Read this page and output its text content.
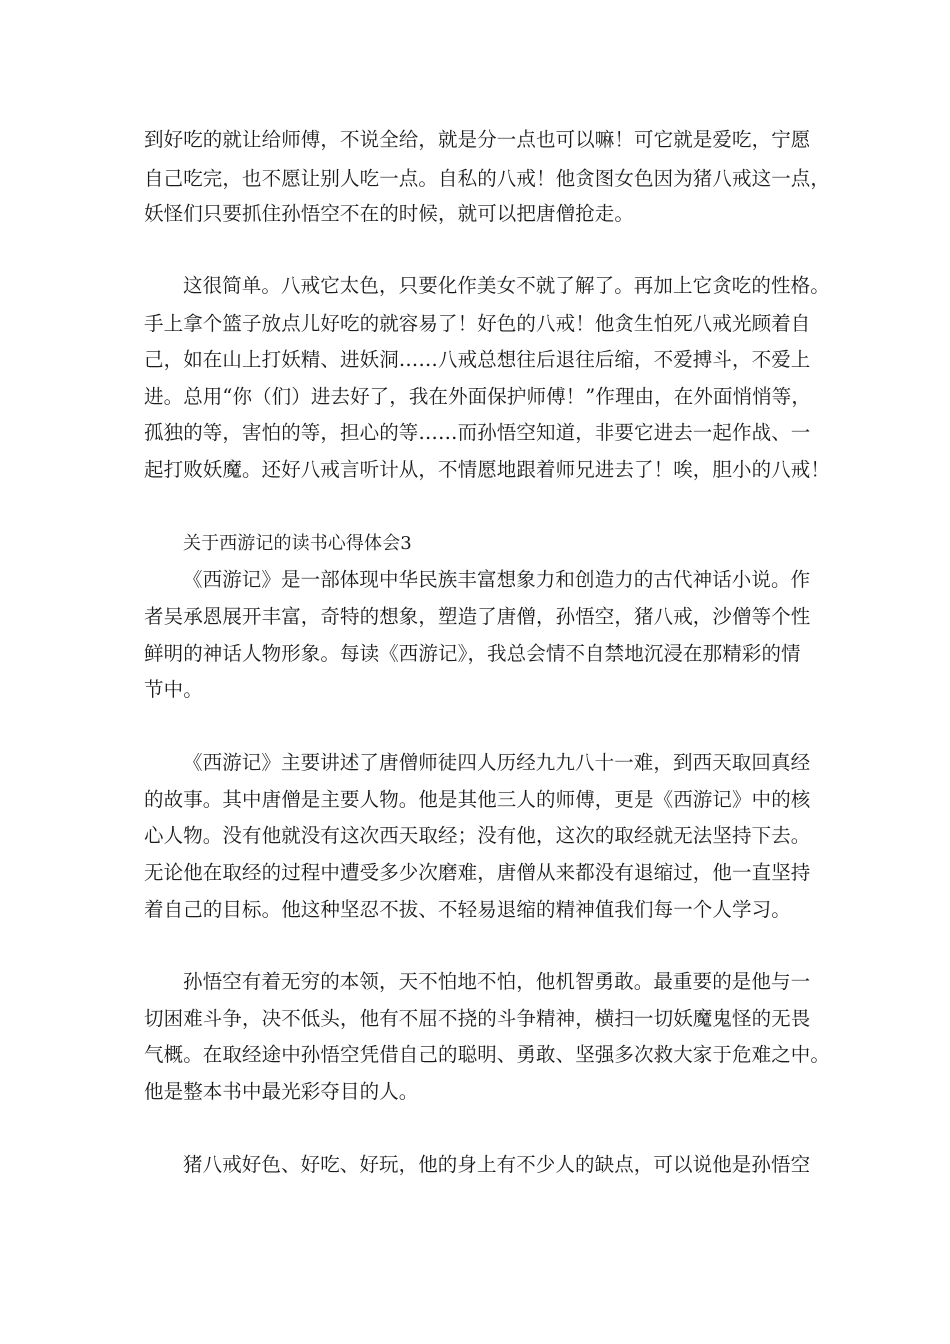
到好吃的就让给师傅，不说全给，就是分一点也可以嘛！可它就是爱吃，宁愿
自己吃完，也不愿让别人吃一点。自私的八戒！他贪图女色因为猪八戒这一点，
妖怪们只要抓住孙悟空不在的时候，就可以把唐僧抢走。
这很简单。八戒它太色，只要化作美女不就了解了。再加上它贪吃的性格。
手上拿个篮子放点儿好吃的就容易了！好色的八戒！他贪生怕死八戒光顾着自
己，如在山上打妖精、进妖洞……八戒总想往后退往后缩，不爱搏斗，不爱上
进。总用“你（们）进去好了，我在外面保护师傅！”作理由，在外面悄悄等，
孤独的等，害怕的等，担心的等……而孙悟空知道，非要它进去一起作战、一
起打败妖魔。还好八戒言听计从，不情愿地跟着师兄进去了！唉，胆小的八戒！
关于西游记的读书心得体会3
《西游记》是一部体现中华民族丰富想象力和创造力的古代神话小说。作
者吴承恩展开丰富，奇特的想象，塑造了唐僧，孙悟空，猪八戒，沙僧等个性
鲜明的神话人物形象。每读《西游记》，我总会情不自禁地沉浸在那精彩的情
节中。
《西游记》主要讲述了唐僧师徒四人历经九九八十一难，到西天取回真经
的故事。其中唐僧是主要人物。他是其他三人的师傅，更是《西游记》中的核
心人物。没有他就没有这次西天取经；没有他，这次的取经就无法坚持下去。
无论他在取经的过程中遭受多少次磨难，唐僧从来都没有退缩过，他一直坚持
着自己的目标。他这种坚忍不拔、不轻易退缩的精神值我们每一个人学习。
孙悟空有着无穷的本领，天不怕地不怕，他机智勇敢。最重要的是他与一
切困难斗争，决不低头，他有不屈不挠的斗争精神，横扫一切妖魔鬼怪的无畏
气概。在取经途中孙悟空凭借自己的聪明、勇敢、坚强多次救大家于危难之中。
他是整本书中最光彩夺目的人。
猪八戒好色、好吃、好玩，他的身上有不少人的缺点，可以说他是孙悟空
